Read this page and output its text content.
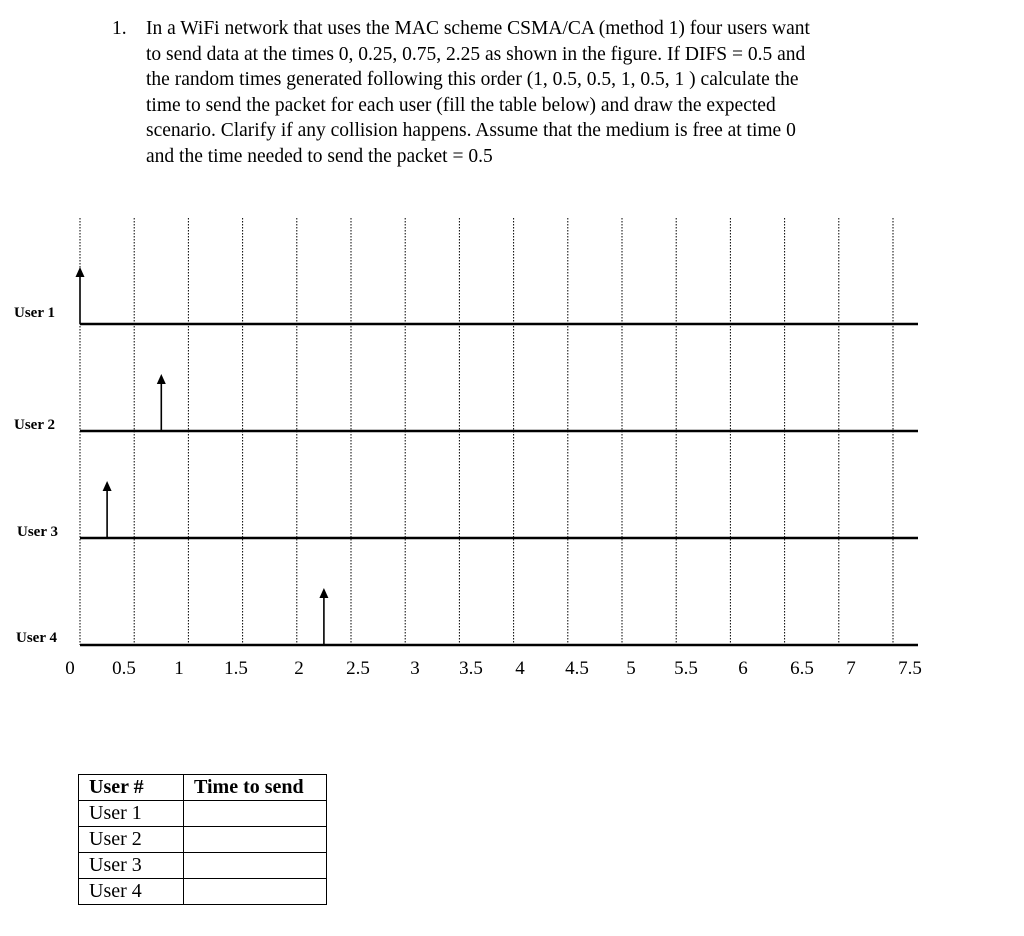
1. In a WiFi network that uses the MAC scheme CSMA/CA (method 1) four users want
to send data at the times 0, 0.25, 0.75, 2.25 as shown in the figure. If DIFS = 0.5 and
the random times generated following this order (1, 0.5, 0.5, 1, 0.5, 1 ) calculate the
time to send the packet for each user (fill the table below) and draw the expected
scenario. Clarify if any collision happens. Assume that the medium is free at time 0
and the time needed to send the packet = 0.5
User 1
User 2
User 3
User 4
0 0.5 1 1.5 2 2.5 3 3.5 4 4.5 5 5.5 6 6.5 7 7.5
User #	Time to send
User 1	
User 2	
User 3	
User 4	
